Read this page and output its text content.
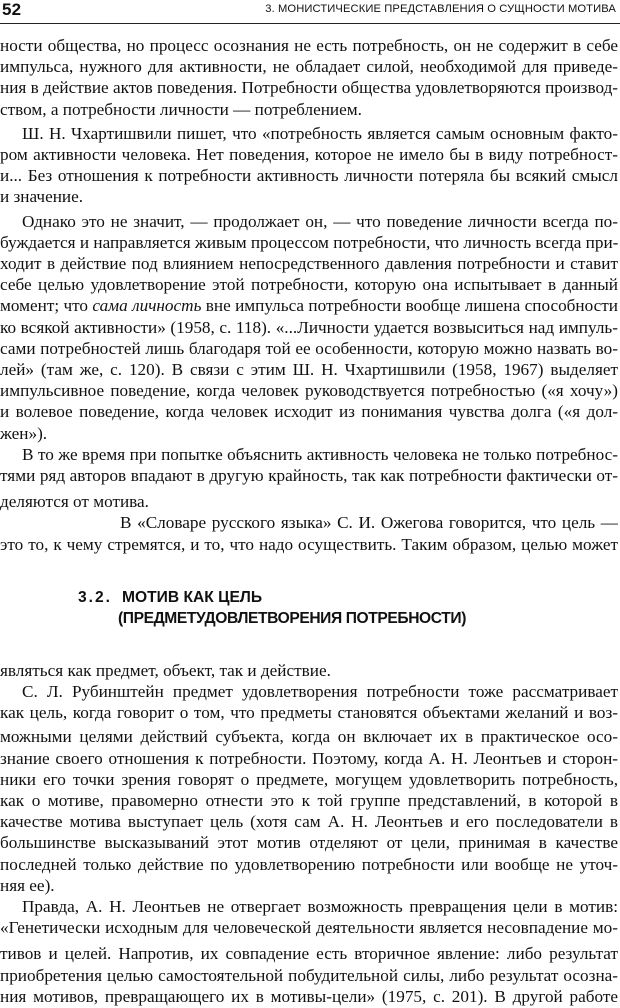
52	3. МОНИСТИЧЕСКИЕ ПРЕДСТАВЛЕНИЯ О СУЩНОСТИ МОТИВА
ности общества, но процесс осознания не есть потребность, он не содержит в себе
импульса, нужного для активности, не обладает силой, необходимой для приведе-
ния в действие актов поведения. Потребности общества удовлетворяются производ-
ством, а потребности личности — потреблением.
Ш. Н. Чхартишвили пишет, что «потребность является самым основным факто-
ром активности человека. Нет поведения, которое не имело бы в виду потребност-
и... Без отношения к потребности активность личности потеряла бы всякий смысл
и значение.
Однако это не значит, — продолжает он, — что поведение личности всегда по-
буждается и направляется живым процессом потребности, что личность всегда при-
ходит в действие под влиянием непосредственного давления потребности и ставит
себе целью удовлетворение этой потребности, которую она испытывает в данный
момент; что сама личность вне импульса потребности вообще лишена способности
ко всякой активности» (1958, с. 118). «...Личности удается возвыситься над импуль-
сами потребностей лишь благодаря той ее особенности, которую можно назвать во-
лей» (там же, с. 120). В связи с этим Ш. Н. Чхартишвили (1958, 1967) выделяет
импульсивное поведение, когда человек руководствуется потребностью («я хочу»)
и волевое поведение, когда человек исходит из понимания чувства долга («я дол-
жен»).
В то же время при попытке объяснить активность человека не только потребнос-
тями ряд авторов впадают в другую крайность, так как потребности фактически от-
деляются от мотива.
3.2. МОТИВ КАК ЦЕЛЬ
(ПРЕДМЕТУДОВЛЕТВОРЕНИЯ ПОТРЕБНОСТИ)
В «Словаре русского языка» С. И. Ожегова говорится, что цель —
это то, к чему стремятся, и то, что надо осуществить. Таким образом, целью может
являться как предмет, объект, так и действие.
С. Л. Рубинштейн предмет удовлетворения потребности тоже рассматривает
как цель, когда говорит о том, что предметы становятся объектами желаний и воз-
можными целями действий субъекта, когда он включает их в практическое осо-
знание своего отношения к потребности. Поэтому, когда А. Н. Леонтьев и сторон-
ники его точки зрения говорят о предмете, могущем удовлетворить потребность,
как о мотиве, правомерно отнести это к той группе представлений, в которой в
качестве мотива выступает цель (хотя сам А. Н. Леонтьев и его последователи в
большинстве высказываний этот мотив отделяют от цели, принимая в качестве
последней только действие по удовлетворению потребности или вообще не уточ-
няя ее).
Правда, А. Н. Леонтьев не отвергает возможность превращения цели в мотив:
«Генетически исходным для человеческой деятельности является несовпадение мо-
тивов и целей. Напротив, их совпадение есть вторичное явление: либо результат
приобретения целью самостоятельной побудительной силы, либо результат осозна-
ния мотивов, превращающего их в мотивы-цели» (1975, с. 201). В другой работе
